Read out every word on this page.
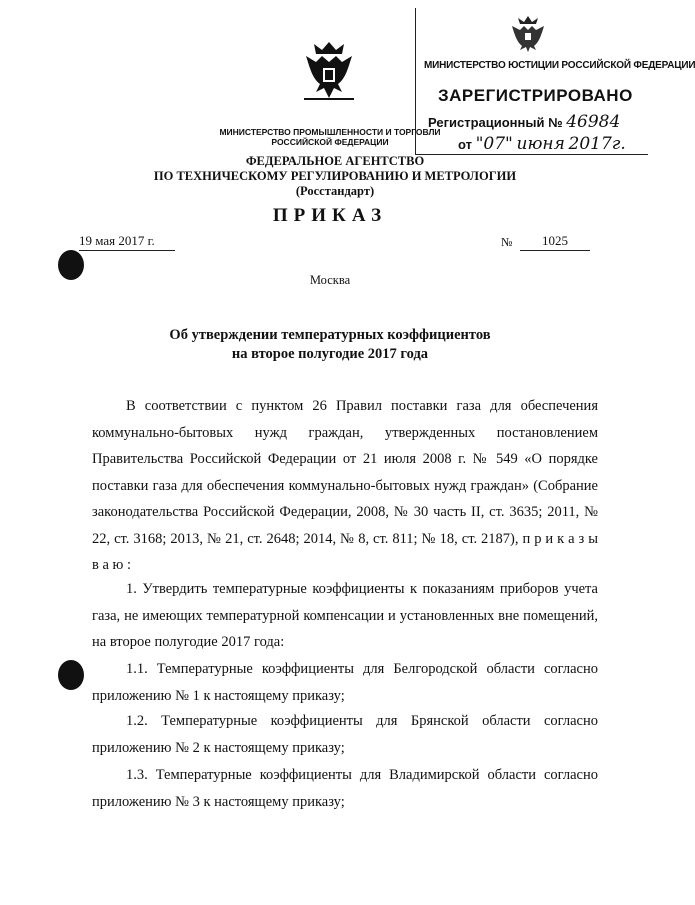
МИНИСТЕРСТВО ЮСТИЦИИ РОССИЙСКОЙ ФЕДЕРАЦИИ
ЗАРЕГИСТРИРОВАНО
Регистрационный № 46984
от "07" июня 2017г.
МИНИСТЕРСТВО ПРОМЫШЛЕННОСТИ И ТОРГОВЛИ
РОССИЙСКОЙ ФЕДЕРАЦИИ
ФЕДЕРАЛЬНОЕ АГЕНТСТВО
ПО ТЕХНИЧЕСКОМУ РЕГУЛИРОВАНИЮ И МЕТРОЛОГИИ
(Росстандарт)
ПРИКАЗ
19 мая 2017 г.	№	1025
Москва
Об утверждении температурных коэффициентов
на второе полугодие 2017 года
В соответствии с пунктом 26 Правил поставки газа для обеспечения коммунально-бытовых нужд граждан, утвержденных постановлением Правительства Российской Федерации от 21 июля 2008 г. № 549 «О порядке поставки газа для обеспечения коммунально-бытовых нужд граждан» (Собрание законодательства Российской Федерации, 2008, № 30 часть II, ст. 3635; 2011, № 22, ст. 3168; 2013, № 21, ст. 2648; 2014, № 8, ст. 811; № 18, ст. 2187), п р и к а з ы в а ю :
1. Утвердить температурные коэффициенты к показаниям приборов учета газа, не имеющих температурной компенсации и установленных вне помещений, на второе полугодие 2017 года:
1.1. Температурные коэффициенты для Белгородской области согласно приложению № 1 к настоящему приказу;
1.2. Температурные коэффициенты для Брянской области согласно приложению № 2 к настоящему приказу;
1.3. Температурные коэффициенты для Владимирской области согласно приложению № 3 к настоящему приказу;
